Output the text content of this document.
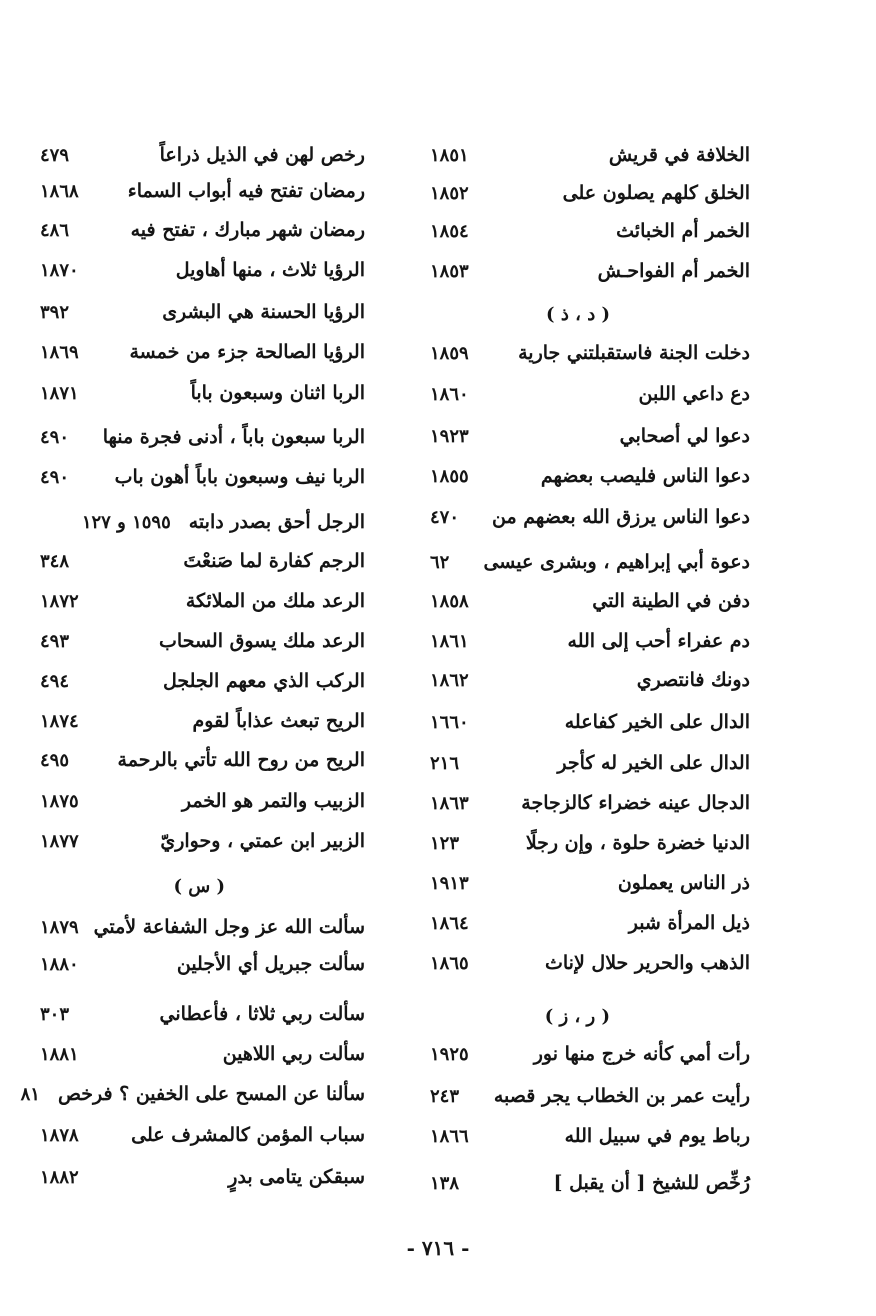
الخلافة في قريش
١٨٥١
الخلق كلهم يصلون على
١٨٥٢
الخمر أم الخبائث
١٨٥٤
الخمر أم الفواحـش
١٨٥٣
( د ، ذ )
دخلت الجنة فاستقبلتني جارية
١٨٥٩
دع داعي اللبن
١٨٦٠
دعوا لي أصحابي
١٩٢٣
دعوا الناس فليصب بعضهم
١٨٥٥
دعوا الناس يرزق الله بعضهم من
٤٧٠
دعوة أبي إبراهيم ، وبشرى عيسى
٦٢
دفن في الطينة التي
١٨٥٨
دم عفراء أحب إلى الله
١٨٦١
دونك فانتصري
١٨٦٢
الدال على الخير كفاعله
١٦٦٠
الدال على الخير له كأجر
٢١٦
الدجال عينه خضراء كالزجاجة
١٨٦٣
الدنيا خضرة حلوة ، وإن رجلًا
١٢٣
ذر الناس يعملون
١٩١٣
ذيل المرأة شبر
١٨٦٤
الذهب والحرير حلال لإناث
١٨٦٥
( ر ، ز )
رأت أمي كأنه خرج منها نور
١٩٢٥
رأيت عمر بن الخطاب يجر قصبه
٢٤٣
رباط يوم في سبيل الله
١٨٦٦
رُخِّص للشيخ [ أن يقبل ]
١٣٨
رخص لهن في الذيل ذراعاً
٤٧٩
رمضان تفتح فيه أبواب السماء
١٨٦٨
رمضان شهر مبارك ، تفتح فيه
٤٨٦
الرؤيا ثلاث ، منها أهاويل
١٨٧٠
الرؤيا الحسنة هي البشرى
٣٩٢
الرؤيا الصالحة جزء من خمسة
١٨٦٩
الربا اثنان وسبعون باباً
١٨٧١
الربا سبعون باباً ، أدنى فجرة منها
٤٩٠
الربا نيف وسبعون باباً أهون باب
٤٩٠
الرجل أحق بصدر دابته
١٥٩٥ و ١٢٧
الرجم كفارة لما صَنعْتَ
٣٤٨
الرعد ملك من الملائكة
١٨٧٢
الرعد ملك يسوق السحاب
٤٩٣
الركب الذي معهم الجلجل
٤٩٤
الريح تبعث عذاباً لقوم
١٨٧٤
الريح من روح الله تأتي بالرحمة
٤٩٥
الزبيب والتمر هو الخمر
١٨٧٥
الزبير ابن عمتي ، وحواريّ
١٨٧٧
( س )
سألت الله عز وجل الشفاعة لأمتي
١٨٧٩
سألت جبريل أي الأجلين
١٨٨٠
سألت ربي ثلاثا ، فأعطاني
٣٠٣
سألت ربي اللاهين
١٨٨١
سألنا عن المسح على الخفين ؟ فرخص
٨١
سباب المؤمن كالمشرف على
١٨٧٨
سبقكن يتامى بدرٍ
١٨٨٢
- ٧١٦ -
